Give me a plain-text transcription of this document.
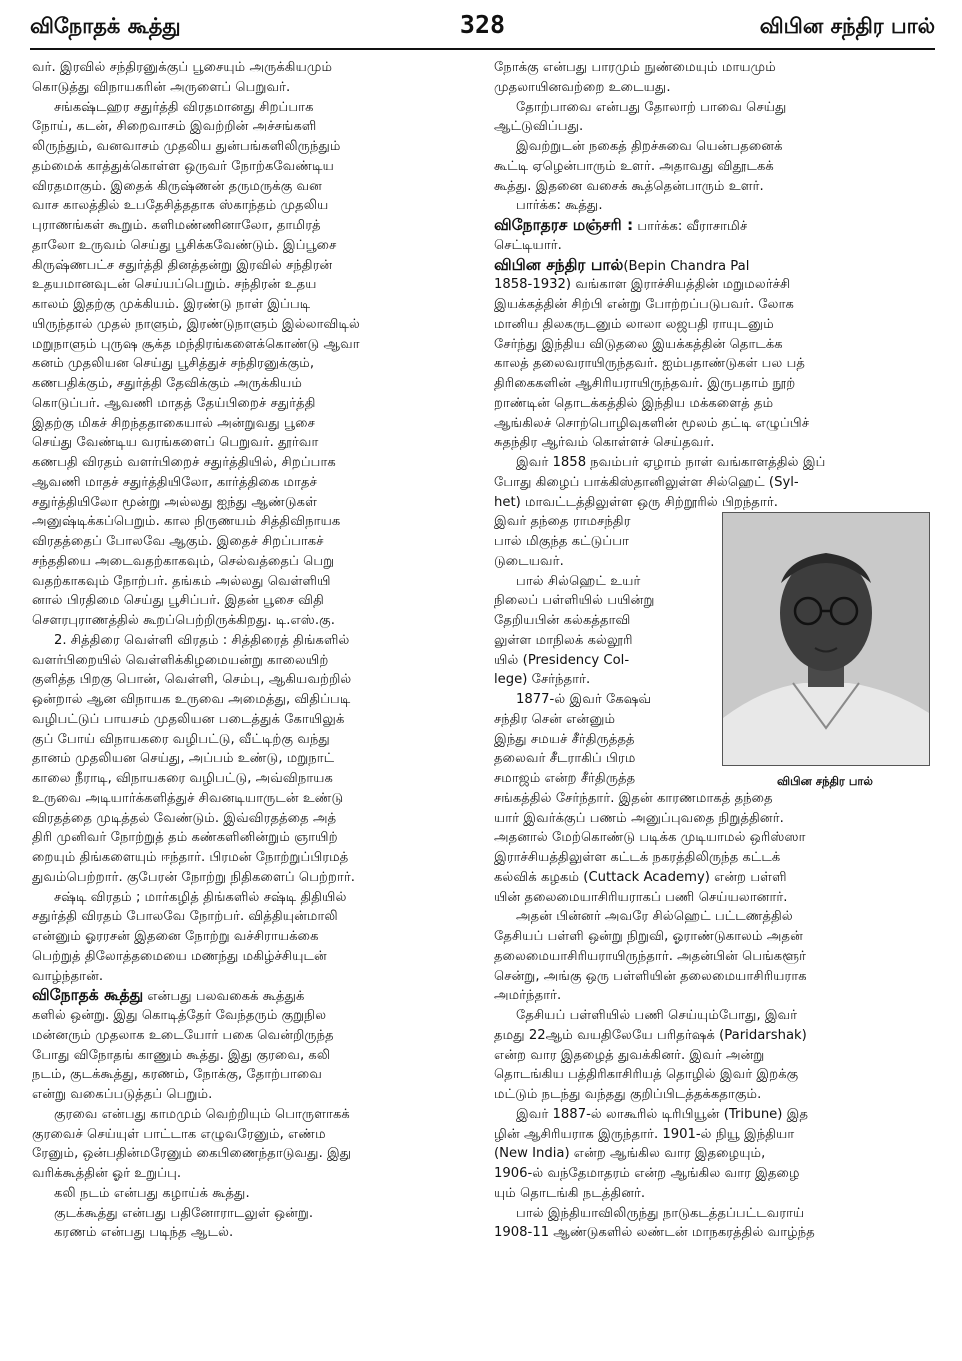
விநோதக் கூத்து	328	விபின சந்திர பால்

வர். இரவில் சந்திரனுக்குப் பூசையும் அருக்கியமும்

கொடுத்து விநாயகரின் அருளைப் பெறுவர்.

சங்கஷ்டஹர சதுர்த்தி விரதமானது சிறப்பாக

நோய், கடன், சிறைவாசம் இவற்றின் அச்சங்களி

லிருந்தும், வனவாசம் முதலிய துன்பங்களிலிருந்தும்

தம்மைக் காத்துக்கொள்ள ஒருவர் நோற்கவேண்டிய

விரதமாகும். இதைக் கிருஷ்ணன் தருமருக்கு வன

வாச காலத்தில் உபதேசித்ததாக ஸ்காந்தம் முதலிய

புராணங்கள் கூறும். களிமண்ணினாலோ, தாமிரத்

தாலோ உருவம் செய்து பூசிக்கவேண்டும். இப்பூசை

கிருஷ்ணபட்ச சதுர்த்தி தினத்தன்று இரவில் சந்திரன்

உதயமானவுடன் செய்யப்பெறும். சந்திரன் உதய

காலம் இதற்கு முக்கியம். இரண்டு நாள் இப்படி

யிருந்தால் முதல் நாளும், இரண்டுநாளும் இல்லாவிடில்

மறுநாளும் புருஷ சூக்த மந்திரங்களைக்கொண்டு ஆவா

கனம் முதலியன செய்து பூசித்துச் சந்திரனுக்கும்,

கணபதிக்கும், சதுர்த்தி தேவிக்கும் அருக்கியம்

கொடுப்பர். ஆவணி மாதத் தேய்பிறைச் சதுர்த்தி

இதற்கு மிகச் சிறந்ததாகையால் அன்றுவது பூசை

செய்து வேண்டிய வரங்களைப் பெறுவர். தூர்வா

கணபதி விரதம் வளர்பிறைச் சதுர்த்தியில், சிறப்பாக

ஆவணி மாதச் சதுர்த்தியிலோ, கார்த்திகை மாதச்

சதுர்த்தியிலோ மூன்று அல்லது ஐந்து ஆண்டுகள்

அனுஷ்டிக்கப்பெறும். கால நிருணயம் சித்திவிநாயக

விரதத்தைப் போலவே ஆகும். இதைச் சிறப்பாகச்

சந்ததியை அடைவதற்காகவும், செல்வத்தைப் பெறு

வதற்காகவும் நோற்பர். தங்கம் அல்லது வெள்ளியி

னால் பிரதிமை செய்து பூசிப்பர். இதன் பூசை விதி

சௌரபுராணத்தில் கூறப்பெற்றிருக்கிறது. டி.எஸ்.கு.

2. சித்திரை வெள்ளி விரதம் : சித்திரைத் திங்களில்

வளர்பிறையில் வெள்ளிக்கிழமையன்று காலையிற்

குளித்த பிறகு பொன், வெள்ளி, செம்பு, ஆகியவற்றில்

ஒன்றால் ஆன விநாயக உருவை அமைத்து, விதிப்படி

வழிபட்டுப் பாயசம் முதலியன படைத்துக் கோயிலுக்

குப் போய் விநாயகரை வழிபட்டு, வீட்டிற்கு வந்து

தானம் முதலியன செய்து, அப்பம் உண்டு, மறுநாட்

காலை நீராடி, விநாயகரை வழிபட்டு, அவ்விநாயக

உருவை அடியார்க்களித்துச் சிவனடியாருடன் உண்டு

விரதத்தை முடித்தல் வேண்டும். இவ்விரதத்தை அத்

திரி முனிவர் நோற்றுத் தம் கண்களினின்றும் ஞாயிற்

றையும் திங்களையும் ஈந்தார். பிரமன் நோற்றுப்பிரமத்

துவம்பெற்றார். குபேரன் நோற்று நிதிகளைப் பெற்றார்.

சஷ்டி விரதம் ; மார்கழித் திங்களில் சஷ்டி திதியில்

சதுர்த்தி விரதம் போலவே நோற்பர். வித்தியுன்மாலி

என்னும் ஓரரசன் இதனை நோற்று வச்சிராயக்கை

பெற்றுத் திலோத்தமையை மணந்து மகிழ்ச்சியுடன்

வாழ்ந்தான்.

விநோதக் கூத்து என்பது பலவகைக் கூத்துக்

களில் ஒன்று. இது கொடித்தேர் வேந்தரும் குறுநில

மன்னரும் முதலாக உடையோர் பகை வென்றிருந்த

போது விநோதங் காணும் கூத்து. இது குரவை, கலி

நடம், குடக்கூத்து, கரணம், நோக்கு, தோற்பாவை

என்று வகைப்படுத்தப் பெறும்.

குரவை என்பது காமமும் வெற்றியும் பொருளாகக்

குரவைச் செய்யுள் பாட்டாக எழுவரேனும், எண்ம

ரேனும், ஒன்பதின்மரேனும் கைபிணைந்தாடுவது. இது

வரிக்கூத்தின் ஓர் உறுப்பு.

கலி நடம் என்பது கழாய்க் கூத்து.

குடக்கூத்து என்பது பதினோராடலுள் ஒன்று.

கரணம் என்பது படிந்த ஆடல்.

நோக்கு என்பது பாரமும் நுண்மையும் மாயமும்

முதலாயினவற்றை உடையது.

தோற்பாவை என்பது தோலாற் பாவை செய்து

ஆட்டுவிப்பது.

இவற்றுடன் நகைத் திறச்சுவை யென்பதனைக்

கூட்டி ஏழென்பாரும் உளர். அதாவது விதூடகக்

கூத்து. இதனை வசைக் கூத்தென்பாரும் உளர்.

பார்க்க: கூத்து.

விநோதரச மஞ்சரி : பார்க்க: வீராசாமிச்

செட்டியார்.

விபின சந்திர பால்(Bepin Chandra Pal

1858-1932) வங்காள இராச்சியத்தின் மறுமலர்ச்சி

இயக்கத்தின் சிற்பி என்று போற்றப்படுபவர். லோக

மானிய திலகருடனும் லாலா லஜபதி ராயுடனும்

சேர்ந்து இந்திய விடுதலை இயக்கத்தின் தொடக்க

காலத் தலைவராயிருந்தவர். ஐம்பதாண்டுகள் பல பத்

திரிகைகளின் ஆசிரியராயிருந்தவர். இருபதாம் நூற்

றாண்டின் தொடக்கத்தில் இந்திய மக்களைத் தம்

ஆங்கிலச் சொற்பொழிவுகளின் மூலம் தட்டி எழுப்பிச்

சுதந்திர ஆர்வம் கொள்ளச் செய்தவர்.

இவர் 1858 நவம்பர் ஏழாம் நாள் வங்காளத்தில் இப்

போது கிழைப் பாக்கிஸ்தானிலுள்ள சில்ஹெட் (Syl-

het) மாவட்டத்திலுள்ள ஒரு சிற்றூரில் பிறந்தார்.

இவர் தந்தை ராமசந்திர

பால் மிகுந்த கட்டுப்பா

டுடையவர்.

பால் சில்ஹெட் உயர்

நிலைப் பள்ளியில் பயின்று

தேறியபின் கல்கத்தாவி

லுள்ள மாநிலக் கல்லூரி

யில் (Presidency Col-

lege) சேர்ந்தார்.

1877-ல் இவர் கேஷவ்

சந்திர சென் என்னும்

இந்து சமயச் சீர்திருத்தத்

தலைவர் சீடராகிப் பிரம

சமாஜம் என்ற சீர்திருத்த	விபின சந்திர பால்

சங்கத்தில் சேர்ந்தார். இதன் காரணமாகத் தந்தை

யார் இவர்க்குப் பணம் அனுப்புவதை நிறுத்தினர்.

அதனால் மேற்கொண்டு படிக்க முடியாமல் ஒரிஸ்ஸா

இராச்சியத்திலுள்ள கட்டக் நகரத்திலிருந்த கட்டக்

கல்விக் கழகம் (Cuttack Academy) என்ற பள்ளி

யின் தலைமையாசிரியராகப் பணி செய்யலானார்.

அதன் பின்னர் அவரே சில்ஹெட் பட்டணத்தில்

தேசியப் பள்ளி ஒன்று நிறுவி, ஓராண்டுகாலம் அதன்

தலைமையாசிரியராயிருந்தார். அதன்பின் பெங்களூர்

சென்று, அங்கு ஒரு பள்ளியின் தலைமையாசிரியராக

அமர்ந்தார்.

தேசியப் பள்ளியில் பணி செய்யும்போது, இவர்

தமது 22ஆம் வயதிலேயே பரிதர்ஷக் (Paridarshak)

என்ற வார இதழைத் துவக்கினர். இவர் அன்று

தொடங்கிய பத்திரிகாசிரியத் தொழில் இவர் இறக்கு

மட்டும் நடந்து வந்தது குறிப்பிடத்தக்கதாகும்.

இவர் 1887-ல் லாகூரில் டிரிபியூன் (Tribune) இத

ழின் ஆசிரியராக இருந்தார். 1901-ல் நியூ இந்தியா

(New India) என்ற ஆங்கில வார இதழையும்,

1906-ல் வந்தேமாதரம் என்ற ஆங்கில வார இதழை

யும் தொடங்கி நடத்தினர்.

பால் இந்தியாவிலிருந்து நாடுகடத்தப்பட்டவராய்

1908-11 ஆண்டுகளில் லண்டன் மாநகரத்தில் வாழ்ந்த
